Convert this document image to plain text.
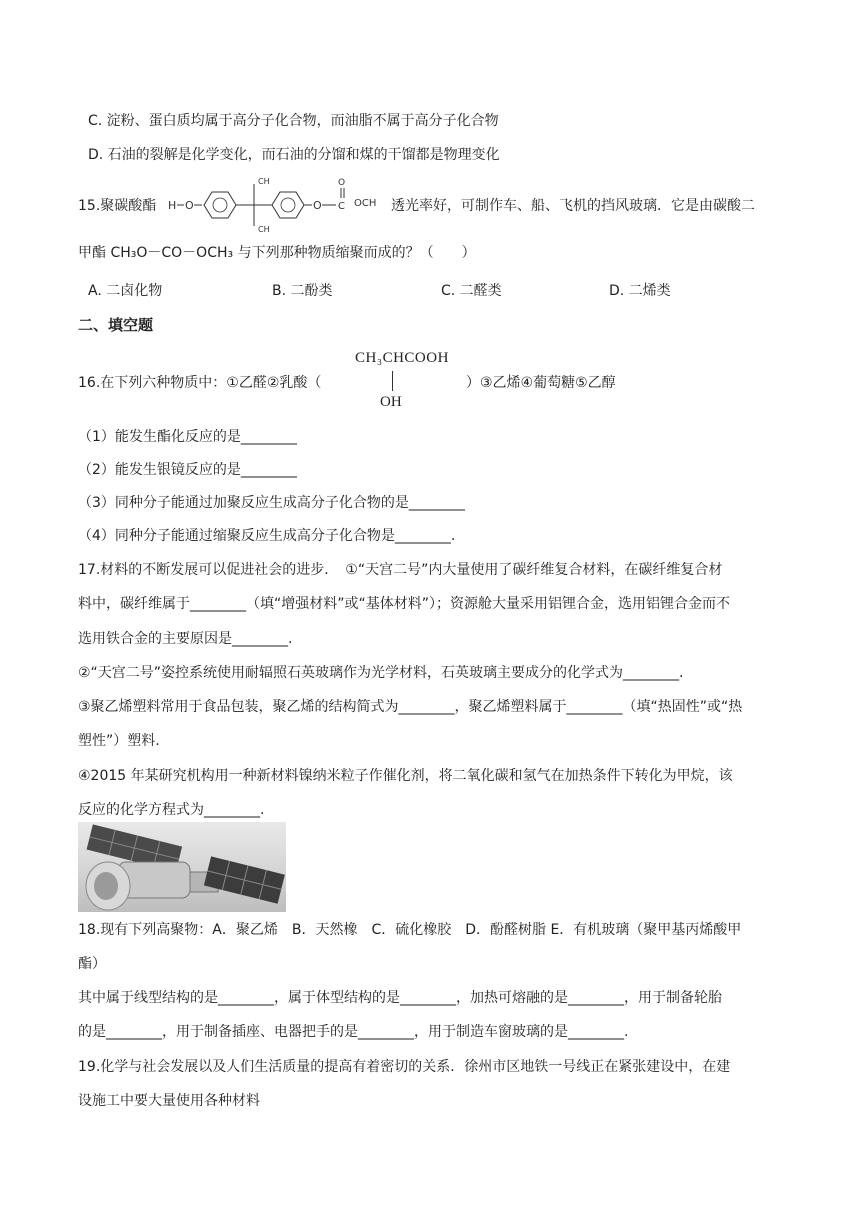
C. 淀粉、蛋白质均属于高分子化合物，而油脂不属于高分子化合物
D. 石油的裂解是化学变化，而石油的分馏和煤的干馏都是物理变化
15.聚碳酸酯 H O
CH
CH
O C
O
OCH 透光率好，可制作车、船、飞机的挡风玻璃．它是由碳酸二
甲酯 CH₃O－CO－OCH₃ 与下列那种物质缩聚而成的？（　　）
A. 二卤化物	B. 二酚类	C. 二醛类	D. 二烯类
二、填空题
16.在下列六种物质中：①乙醛②乳酸（
CH₃CHCOOH
OH
）③乙烯④葡萄糖⑤乙醇
（1）能发生酯化反应的是________
（2）能发生银镜反应的是________
（3）同种分子能通过加聚反应生成高分子化合物的是________
（4）同种分子能通过缩聚反应生成高分子化合物是________.
17.材料的不断发展可以促进社会的进步．　①“天宫二号”内大量使用了碳纤维复合材料，在碳纤维复合材
料中，碳纤维属于________（填“增强材料”或“基体材料”）；资源舱大量采用铝锂合金，选用铝锂合金而不
选用铁合金的主要原因是________.
②“天宫二号”姿控系统使用耐辐照石英玻璃作为光学材料，石英玻璃主要成分的化学式为________.
③聚乙烯塑料常用于食品包装，聚乙烯的结构简式为________，聚乙烯塑料属于________（填“热固性”或“热
塑性”）塑料.
④2015 年某研究机构用一种新材料镍纳米粒子作催化剂，将二氧化碳和氢气在加热条件下转化为甲烷，该
反应的化学方程式为________.
18.现有下列高聚物：A．聚乙烯　B．天然橡　C．硫化橡胶　D．酚醛树脂 E．有机玻璃（聚甲基丙烯酸甲
酯）
其中属于线型结构的是________，属于体型结构的是________，加热可熔融的是________，用于制备轮胎
的是________，用于制备插座、电器把手的是________，用于制造车窗玻璃的是________.
19.化学与社会发展以及人们生活质量的提高有着密切的关系．徐州市区地铁一号线正在紧张建设中，在建
设施工中要大量使用各种材料
